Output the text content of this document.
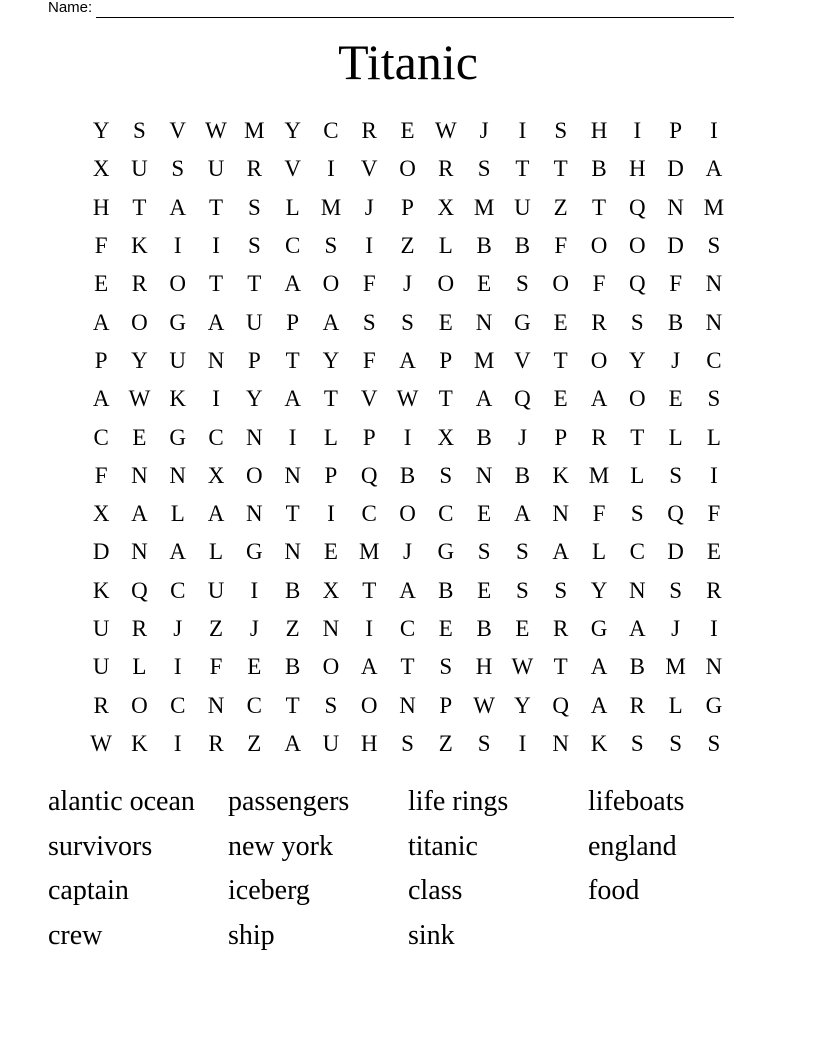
Name:
Titanic
Y	S	V W M Y C R	E W J	I	S	H	I	P	I
X U	S	U R V	I	V O R	S	T	T	B H D A
H T A T	S	L M	J	P	X M U Z	T Q N M
F	K	I	I	S	C	S	I	Z	L	B B	F	O O D	S
E	R O T	T A O	F	J	O E	S	O	F	Q	F	N
A O G A U	P	A	S	S	E N G E	R	S	B N
P	Y U N	P	T Y	F	A	P M V T O Y	J	C
A W K	I	Y A T V W T A Q E A O E	S
C	E G C N	I	L	P	I	X B	J	P	R	T	L	L
F	N N X O N	P	Q B	S	N B K M L	S	I
X A L A N T	I	C O C	E A N	F	S	Q	F
D N A L G N E M	J	G	S	S	A L	C D E
K Q C U	I	B X T A B	E	S	S	Y N	S	R
U R	J	Z	J	Z N	I	C	E	B	E	R G A	J	I
U L	I	F	E	B O A T	S	H W T A B M N
R O C N C	T	S	O N	P W Y Q A R	L G
W K	I	R	Z A U H	S	Z	S	I	N K	S	S	S
alantic ocean	passengers	life rings	lifeboats
survivors	new york	titanic	england
captain	iceberg	class	food
crew	ship	sink
